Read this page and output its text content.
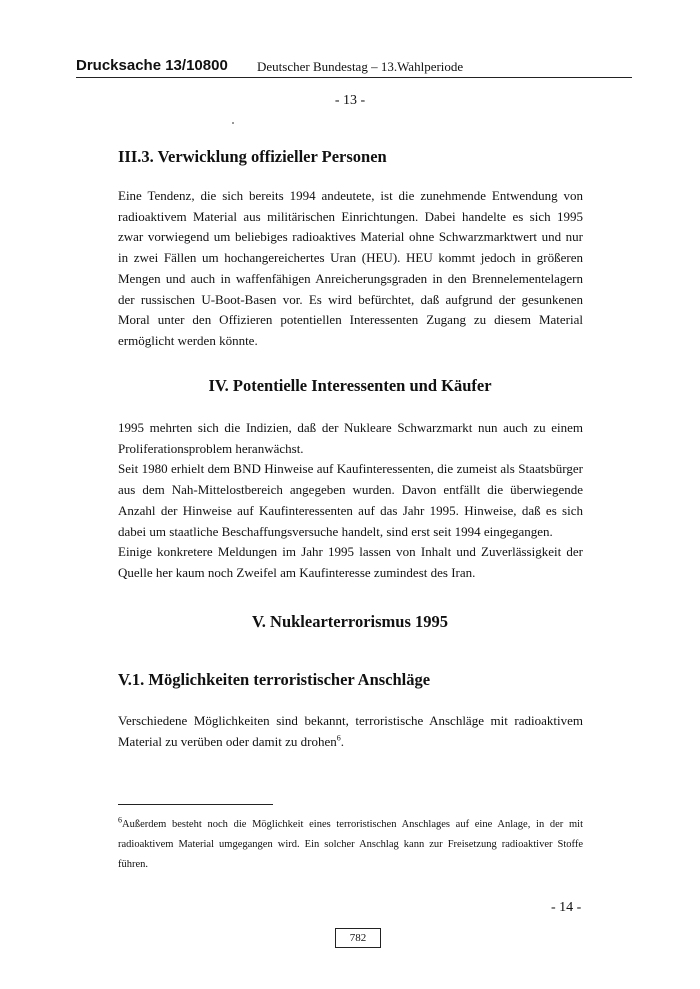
Drucksache 13/10800 Deutscher Bundestag – 13.Wahlperiode
- 13 -
III.3. Verwicklung offizieller Personen

Eine Tendenz, die sich bereits 1994 andeutete, ist die zunehmende Entwendung von radioaktivem Material aus militärischen Einrichtungen. Dabei handelte es sich 1995 zwar vorwiegend um beliebiges radioaktives Material ohne Schwarzmarktwert und nur in zwei Fällen um hochangereichertes Uran (HEU). HEU kommt jedoch in größeren Mengen und auch in waffenfähigen Anreicherungsgraden in den Brennelementelagern der russischen U-Boot-Basen vor. Es wird befürchtet, daß aufgrund der gesunkenen Moral unter den Offizieren potentiellen Interessenten Zugang zu diesem Material ermöglicht werden könnte.

IV. Potentielle Interessenten und Käufer

1995 mehrten sich die Indizien, daß der Nukleare Schwarzmarkt nun auch zu einem Proliferationsproblem heranwächst.

Seit 1980 erhielt dem BND Hinweise auf Kaufinteressenten, die zumeist als Staatsbürger aus dem Nah-Mittelostbereich angegeben wurden. Davon entfällt die überwiegende Anzahl der Hinweise auf Kaufinteressenten auf das Jahr 1995. Hinweise, daß es sich dabei um staatliche Beschaffungsversuche handelt, sind erst seit 1994 eingegangen.

Einige konkretere Meldungen im Jahr 1995 lassen von Inhalt und Zuverlässigkeit der Quelle her kaum noch Zweifel am Kaufinteresse zumindest des Iran.

V. Nuklearterrorismus 1995
V.1. Möglichkeiten terroristischer Anschläge

Verschiedene Möglichkeiten sind bekannt, terroristische Anschläge mit radioaktivem Material zu verüben oder damit zu drohen$^6$.

$^6$Außerdem besteht noch die Möglichkeit eines terroristischen Anschlages auf eine Anlage, in der mit radioaktivem Material umgegangen wird. Ein solcher Anschlag kann zur Freisetzung radioaktiver Stoffe führen.

- 14 -
782
